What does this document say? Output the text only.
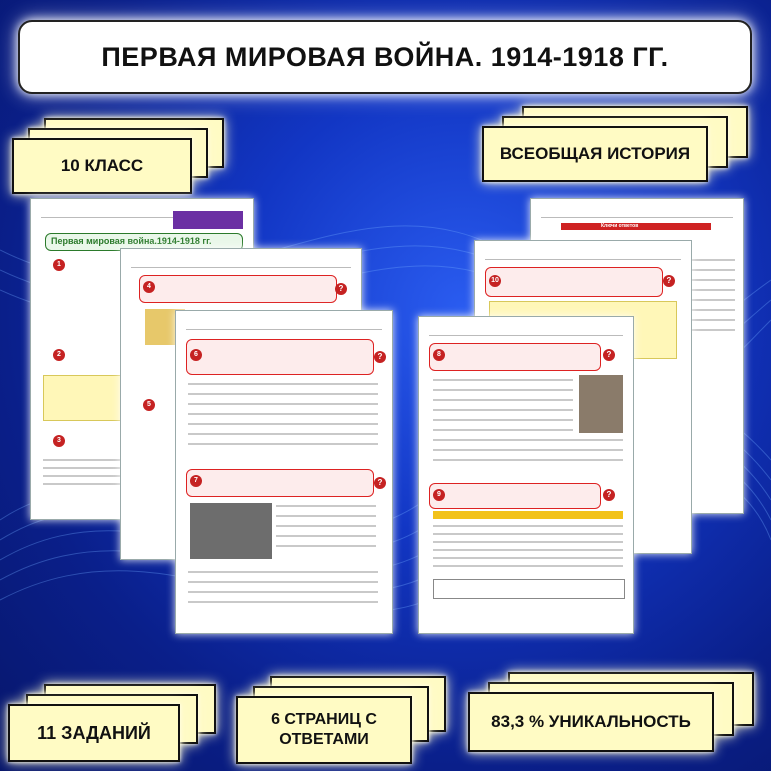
ПЕРВАЯ МИРОВАЯ ВОЙНА. 1914-1918 ГГ.
10 КЛАСС
ВСЕОБЩАЯ ИСТОРИЯ
Первая мировая война.1914-1918 гг.
1
2
3
4	?
5
6	?
7	?
Ключи ответов
10	?
8	?
9	?
11 ЗАДАНИЙ
6 СТРАНИЦ С ОТВЕТАМИ
83,3 % УНИКАЛЬНОСТЬ
